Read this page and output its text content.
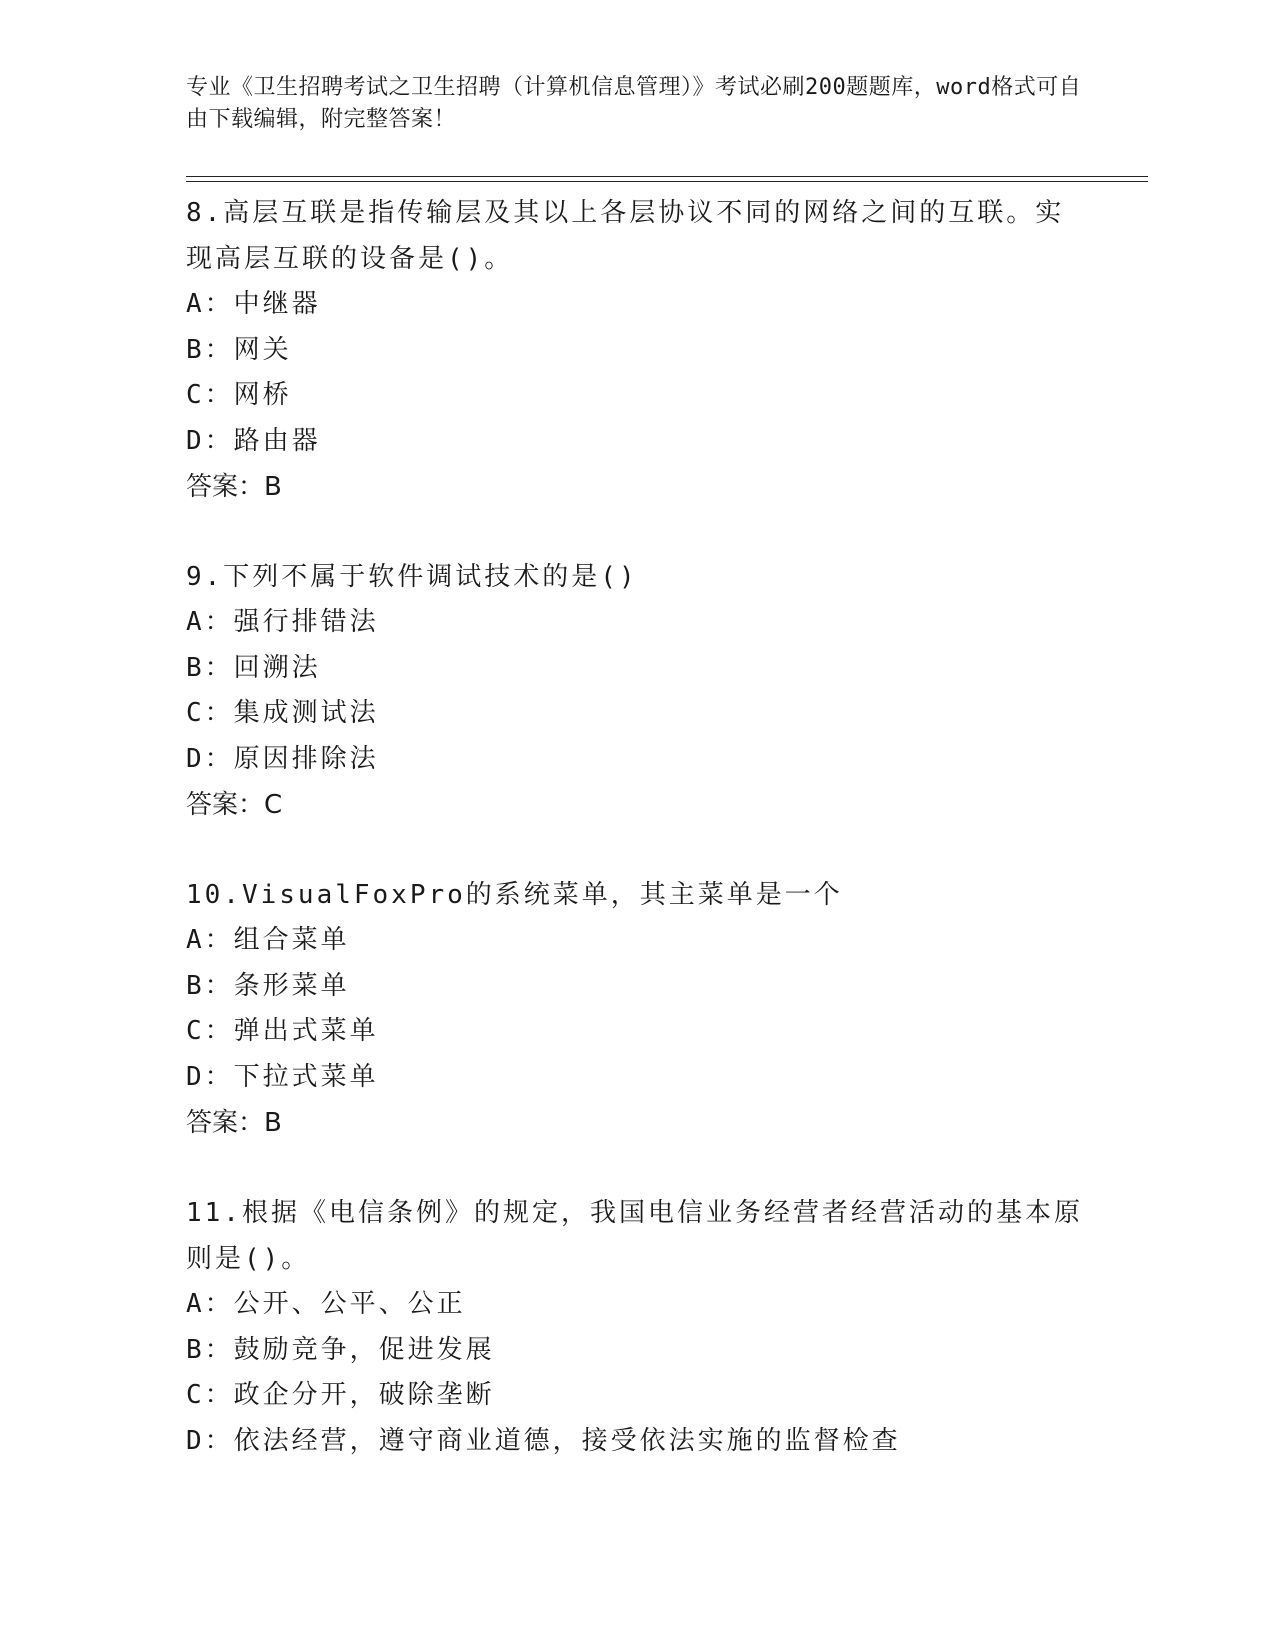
专业《卫生招聘考试之卫生招聘（计算机信息管理）》考试必刷200题题库，word格式可自由下载编辑，附完整答案！
8.高层互联是指传输层及其以上各层协议不同的网络之间的互联。实现高层互联的设备是()。
A：中继器
B：网关
C：网桥
D：路由器
答案：B
9.下列不属于软件调试技术的是()
A：强行排错法
B：回溯法
C：集成测试法
D：原因排除法
答案：C
10.VisualFoxPro的系统菜单，其主菜单是一个
A：组合菜单
B：条形菜单
C：弹出式菜单
D：下拉式菜单
答案：B
11.根据《电信条例》的规定，我国电信业务经营者经营活动的基本原则是()。
A：公开、公平、公正
B：鼓励竞争，促进发展
C：政企分开，破除垄断
D：依法经营，遵守商业道德，接受依法实施的监督检查
